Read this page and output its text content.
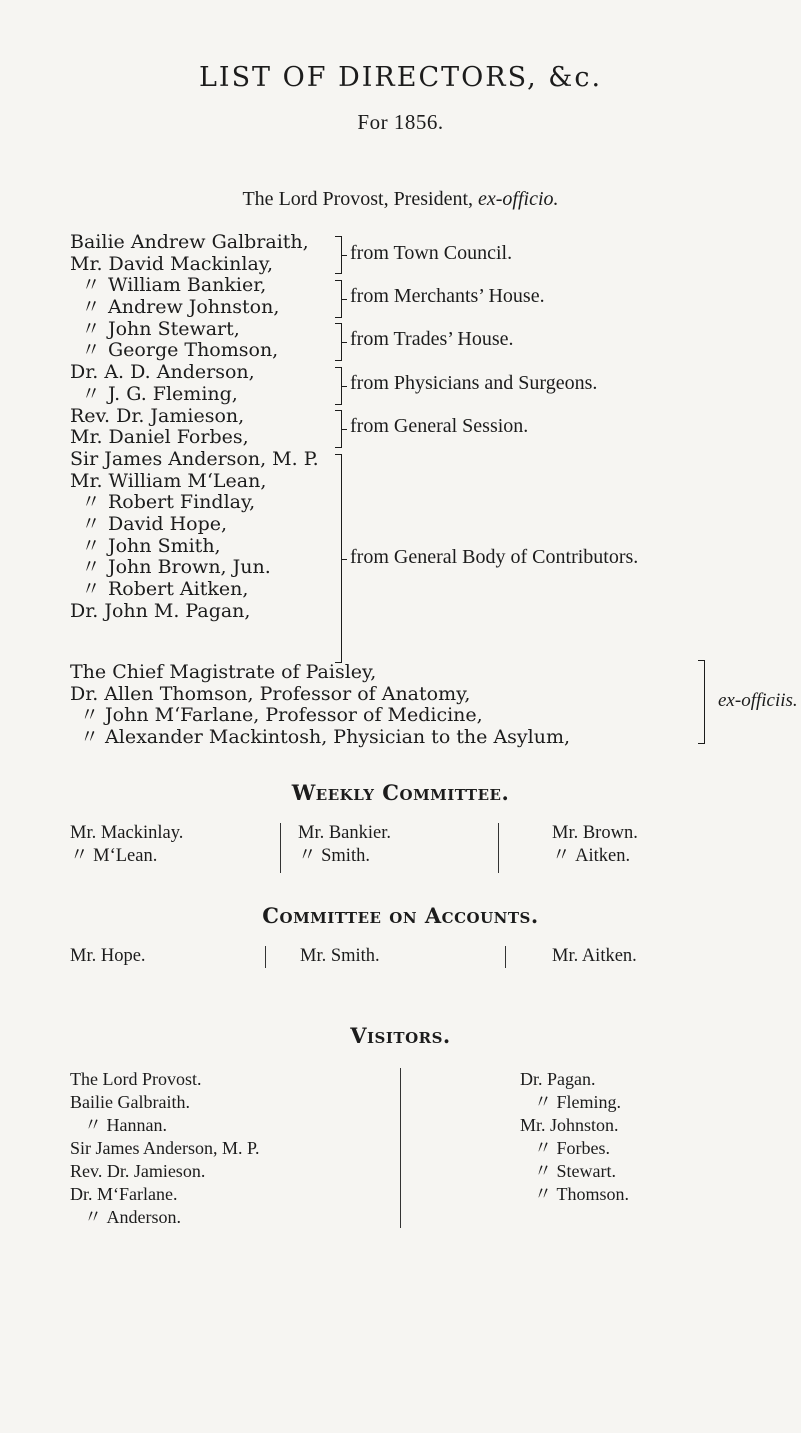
LIST OF DIRECTORS, &c.
For 1856.
The Lord Provost, President, ex-officio.
Bailie Andrew Galbraith,
Mr. David Mackinlay,
〃 William Bankier,
〃 Andrew Johnston,
〃 John Stewart,
〃 George Thomson,
Dr. A. D. Anderson,
〃 J. G. Fleming,
Rev. Dr. Jamieson,
Mr. Daniel Forbes,
Sir James Anderson, M. P.
Mr. William M‘Lean,
〃 Robert Findlay,
〃 David Hope,
〃 John Smith,
〃 John Brown, Jun.
〃 Robert Aitken,
Dr. John M. Pagan,
from Town Council.
from Merchants’ House.
from Trades’ House.
from Physicians and Surgeons.
from General Session.
from General Body of Contributors.
The Chief Magistrate of Paisley,
Dr. Allen Thomson, Professor of Anatomy,
〃 John M‘Farlane, Professor of Medicine,
〃 Alexander Mackintosh, Physician to the Asylum,
ex-officiis.
Weekly Committee.
Mr. Mackinlay.
〃 M‘Lean.
Mr. Bankier.
〃 Smith.
Mr. Brown.
〃 Aitken.
Committee on Accounts.
Mr. Hope.	Mr. Smith.	Mr. Aitken.
Visitors.
The Lord Provost.
Bailie Galbraith.
〃 Hannan.
Sir James Anderson, M. P.
Rev. Dr. Jamieson.
Dr. M‘Farlane.
〃 Anderson.
Dr. Pagan.
〃 Fleming.
Mr. Johnston.
〃 Forbes.
〃 Stewart.
〃 Thomson.
